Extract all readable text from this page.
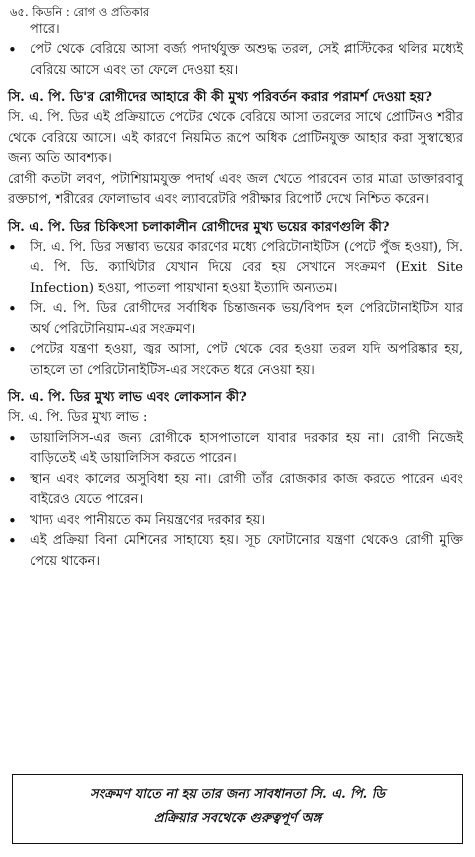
৬৫. কিডনি : রোগ ও প্রতিকার
পারে।
• পেট থেকে বেরিয়ে আসা বর্জ্য পদার্থযুক্ত অশুদ্ধ তরল, সেই প্লাস্টিকের থলির মধ্যেই বেরিয়ে আসে এবং তা ফেলে দেওয়া হয়।
সি. এ. পি. ডি'র রোগীদের আহারে কী কী মুখ্য পরিবর্তন করার পরামর্শ দেওয়া হয়?
সি. এ. পি. ডির এই প্রক্রিয়াতে পেটের থেকে বেরিয়ে আসা তরলের সাথে প্রোটিনও শরীর থেকে বেরিয়ে আসে। এই কারণে নিয়মিত রূপে অধিক প্রোটিনযুক্ত আহার করা সুস্বাস্থ্যের জন্য অতি আবশ্যক।
রোগী কতটা লবণ, পটাশিয়ামযুক্ত পদার্থ এবং জল খেতে পারবেন তার মাত্রা ডাক্তারবাবু রক্তচাপ, শরীরের ফোলাভাব এবং ল্যাবরেটরি পরীক্ষার রিপোর্ট দেখে নিশ্চিত করেন।
সি. এ. পি. ডির চিকিৎসা চলাকালীন রোগীদের মুখ্য ভয়ের কারণগুলি কী?
• সি. এ. পি. ডির সম্ভাব্য ভয়ের কারণের মধ্যে পেরিটোনাইটিস (পেটে পুঁজ হওয়া), সি. এ. পি. ডি. ক্যাথিটার যেখান দিয়ে বের হয় সেখানে সংক্রমণ (Exit Site Infection) হওয়া, পাতলা পায়খানা হওয়া ইত্যাদি অন্যতম।
• সি. এ. পি. ডির রোগীদের সর্বাধিক চিন্তাজনক ভয়/বিপদ হল পেরিটোনাইটিস যার অর্থ পেরিটোনিয়াম-এর সংক্রমণ।
• পেটের যন্ত্রণা হওয়া, জ্বর আসা, পেট থেকে বের হওয়া তরল যদি অপরিষ্কার হয়, তাহলে তা পেরিটোনাইটিস-এর সংকেত ধরে নেওয়া হয়।
সি. এ. পি. ডির মুখ্য লাভ এবং লোকসান কী?
সি. এ. পি. ডির মুখ্য লাভ :
• ডায়ালিসিস-এর জন্য রোগীকে হাসপাতালে যাবার দরকার হয় না। রোগী নিজেই বাড়িতেই এই ডায়ালিসিস করতে পারেন।
• স্থান এবং কালের অসুবিধা হয় না। রোগী তাঁর রোজকার কাজ করতে পারেন এবং বাইরেও যেতে পারেন।
• খাদ্য এবং পানীয়তে কম নিয়ন্ত্রণের দরকার হয়।
• এই প্রক্রিয়া বিনা মেশিনের সাহায্যে হয়। সূচ ফোটানোর যন্ত্রণা থেকেও রোগী মুক্তি পেয়ে থাকেন।
সংক্রমণ যাতে না হয় তার জন্য সাবধানতা সি. এ. পি. ডি
প্রক্রিয়ার সবথেকে গুরুত্বপূর্ণ অঙ্গ
